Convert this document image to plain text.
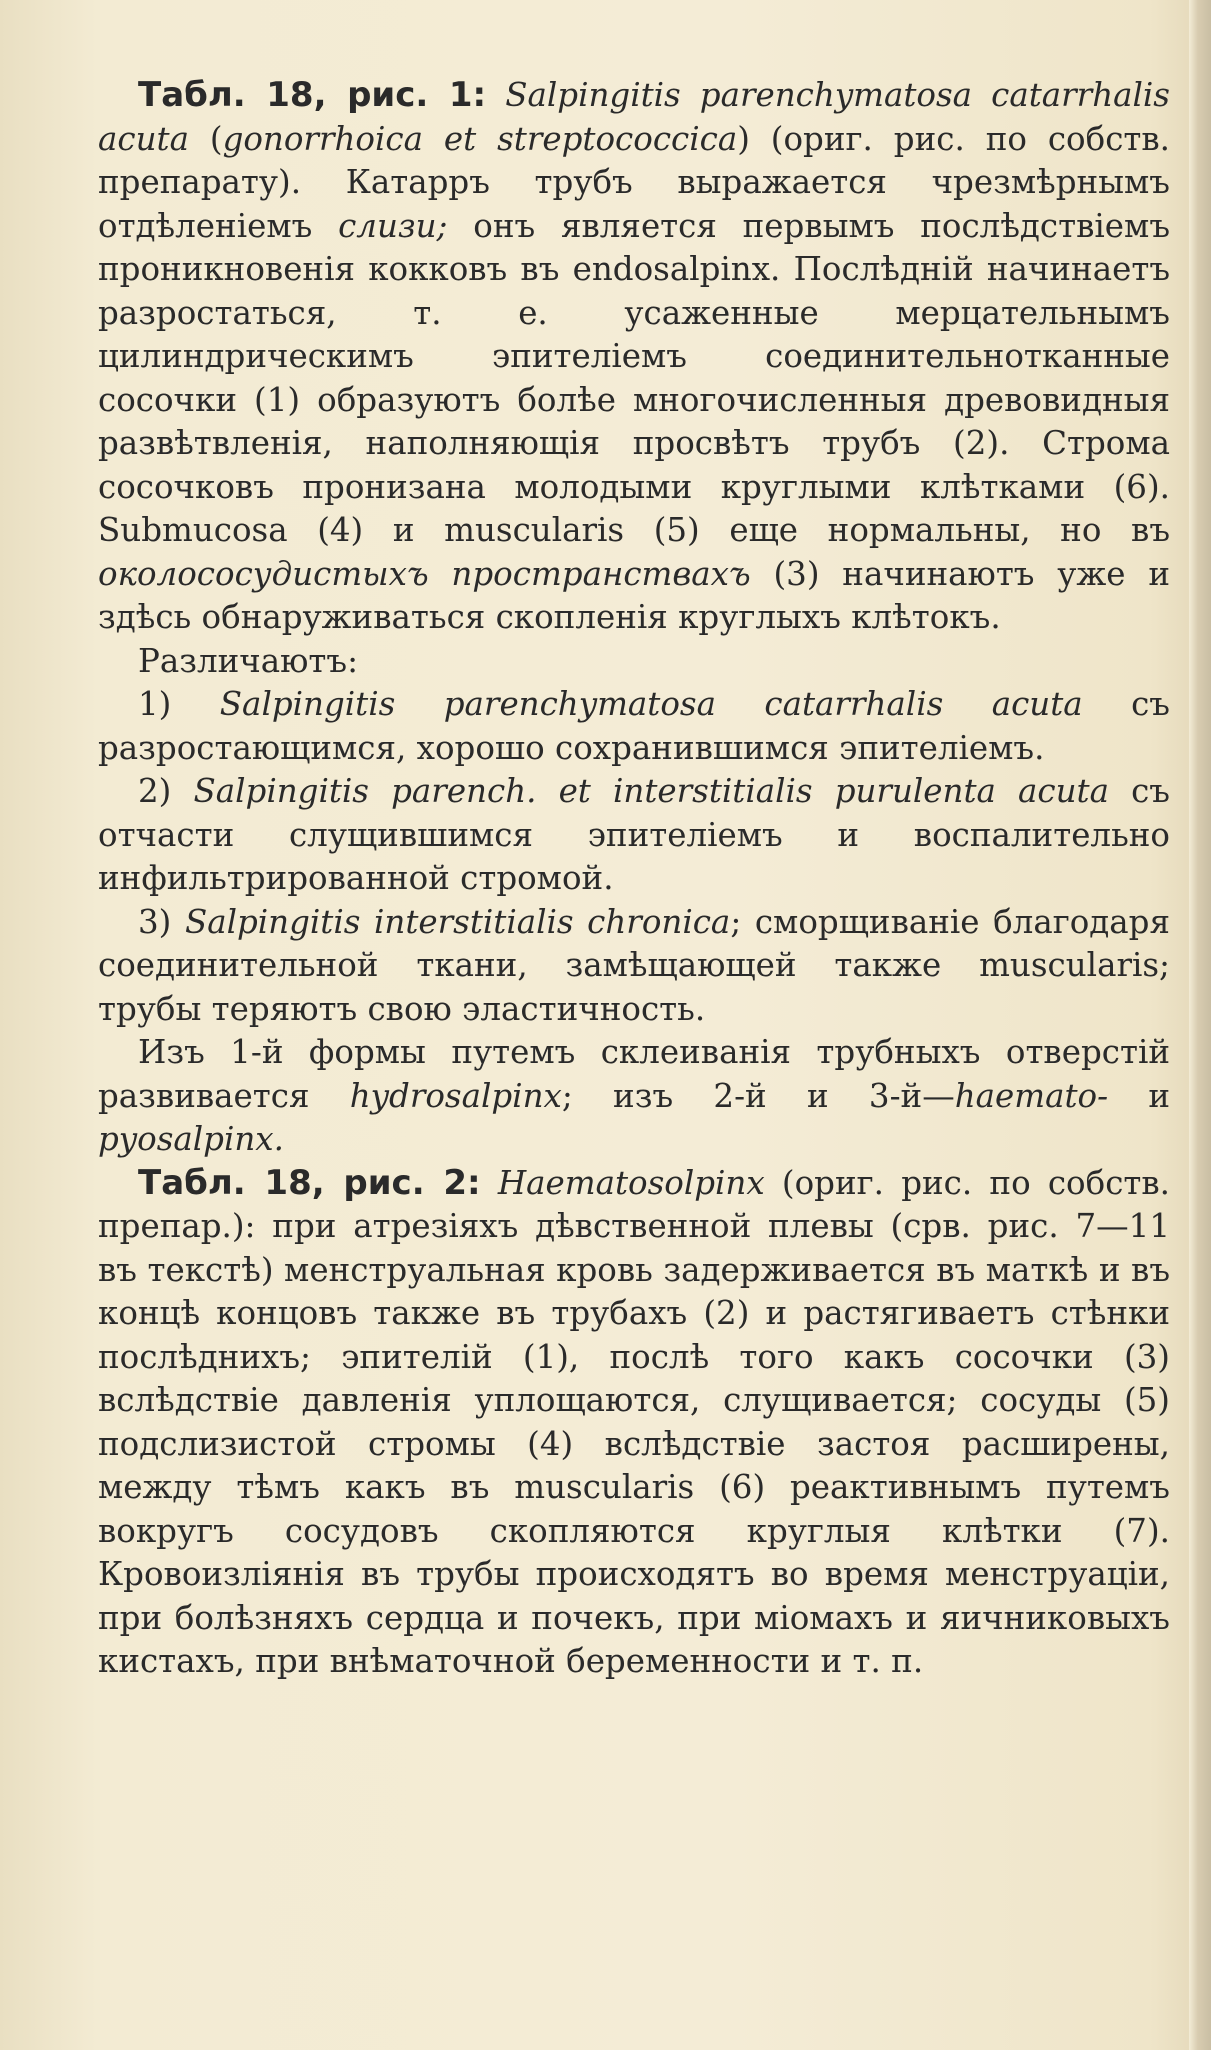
Табл. 18, рис. 1: Salpingitis parenchymatosa catarrhalis acuta (gonorrhoica et streptococcica) (ориг. рис. по собств. препарату). Катарръ трубъ выражается чрезмѣрнымъ отдѣленіемъ слизи; онъ является первымъ послѣдствіемъ проникновенія кокковъ въ endosalpinx. Послѣдній начинаетъ разростаться, т. е. усаженные мерцательнымъ цилиндрическимъ эпителіемъ соединительнотканные сосочки (1) образуютъ болѣе многочисленныя древовидныя развѣтвленія, наполняющія просвѣтъ трубъ (2). Строма сосочковъ пронизана молодыми круглыми клѣтками (6). Submucosa (4) и muscularis (5) еще нормальны, но въ околососудистыхъ пространствахъ (3) начинаютъ уже и здѣсь обнаруживаться скопленія круглыхъ клѣтокъ.

Различаютъ:

1) Salpingitis parenchymatosa catarrhalis acuta съ разростающимся, хорошо сохранившимся эпителіемъ.

2) Salpingitis parench. et interstitialis purulenta acuta съ отчасти слущившимся эпителіемъ и воспалительно инфильтрированной стромой.

3) Salpingitis interstitialis chronica; сморщиваніе благодаря соединительной ткани, замѣщающей также muscularis; трубы теряютъ свою эластичность.

Изъ 1-й формы путемъ склеиванія трубныхъ отверстій развивается hydrosalpinx; изъ 2-й и 3-й—haemato- и pyosalpinx.

Табл. 18, рис. 2: Haematosolpinx (ориг. рис. по собств. препар.): при атрезіяхъ дѣвственной плевы (срв. рис. 7—11 въ текстѣ) менструальная кровь задерживается въ маткѣ и въ концѣ концовъ также въ трубахъ (2) и растягиваетъ стѣнки послѣднихъ; эпителій (1), послѣ того какъ сосочки (3) вслѣдствіе давленія уплощаются, слущивается; сосуды (5) подслизистой стромы (4) вслѣдствіе застоя расширены, между тѣмъ какъ въ muscularis (6) реактивнымъ путемъ вокругъ сосудовъ скопляются круглыя клѣтки (7). Кровоизліянія въ трубы происходятъ во время менструаціи, при болѣзняхъ сердца и почекъ, при міомахъ и яичниковыхъ кистахъ, при внѣматочной беременности и т. п.
